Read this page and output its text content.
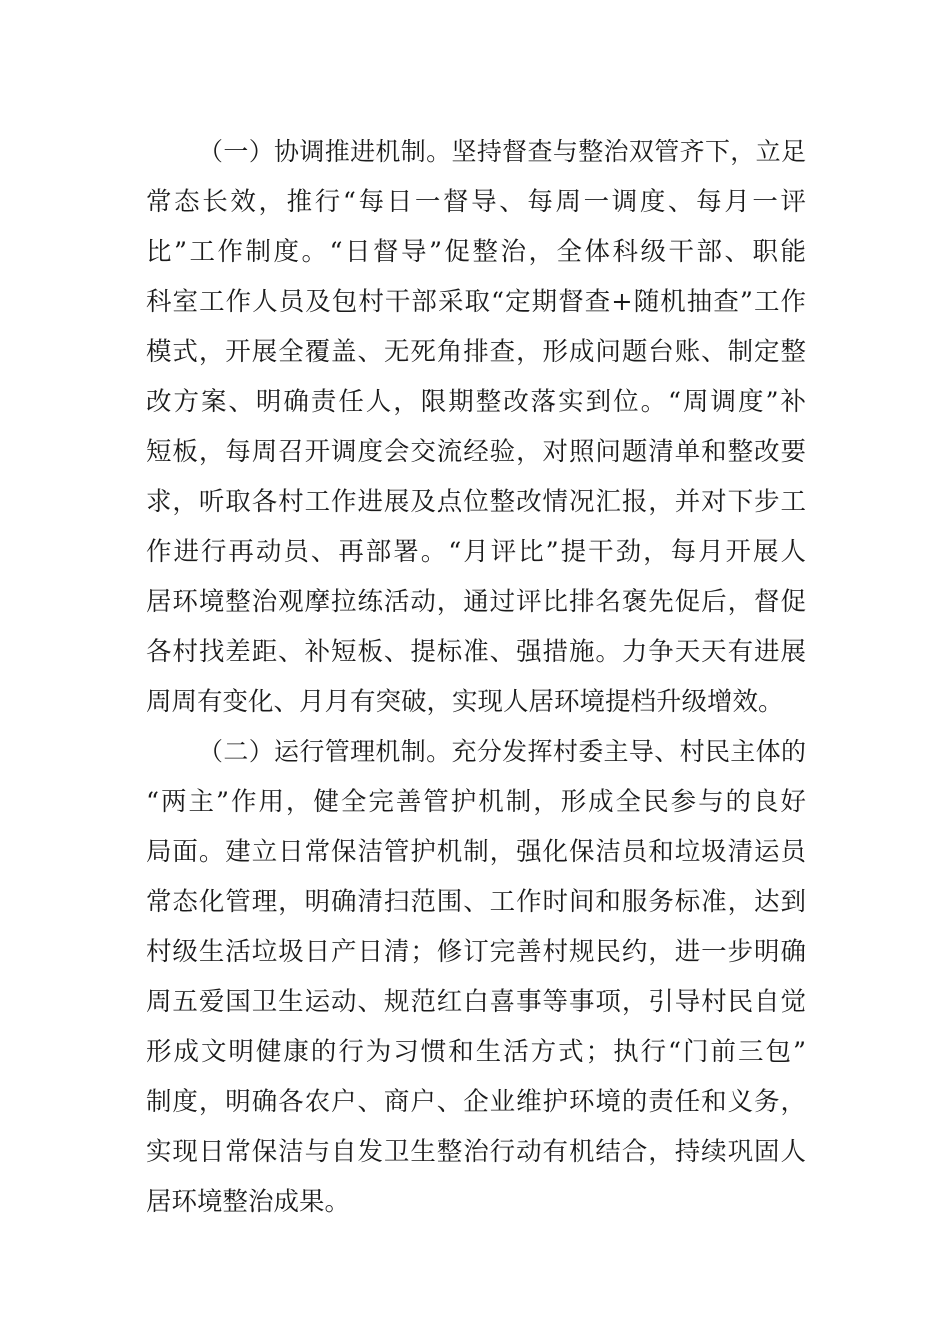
（一）协调推进机制。坚持督查与整治双管齐下，立足
常态长效，推行“每日一督导、每周一调度、每月一评
比”工作制度。“日督导”促整治，全体科级干部、职能
科室工作人员及包村干部采取“定期督查+随机抽查”工作
模式，开展全覆盖、无死角排查，形成问题台账、制定整
改方案、明确责任人，限期整改落实到位。“周调度”补
短板，每周召开调度会交流经验，对照问题清单和整改要
求，听取各村工作进展及点位整改情况汇报，并对下步工
作进行再动员、再部署。“月评比”提干劲，每月开展人
居环境整治观摩拉练活动，通过评比排名褒先促后，督促
各村找差距、补短板、提标准、强措施。力争天天有进展
周周有变化、月月有突破，实现人居环境提档升级增效。
（二）运行管理机制。充分发挥村委主导、村民主体的
“两主”作用，健全完善管护机制，形成全民参与的良好
局面。建立日常保洁管护机制，强化保洁员和垃圾清运员
常态化管理，明确清扫范围、工作时间和服务标准，达到
村级生活垃圾日产日清；修订完善村规民约，进一步明确
周五爱国卫生运动、规范红白喜事等事项，引导村民自觉
形成文明健康的行为习惯和生活方式；执行“门前三包”
制度，明确各农户、商户、企业维护环境的责任和义务，
实现日常保洁与自发卫生整治行动有机结合，持续巩固人
居环境整治成果。
